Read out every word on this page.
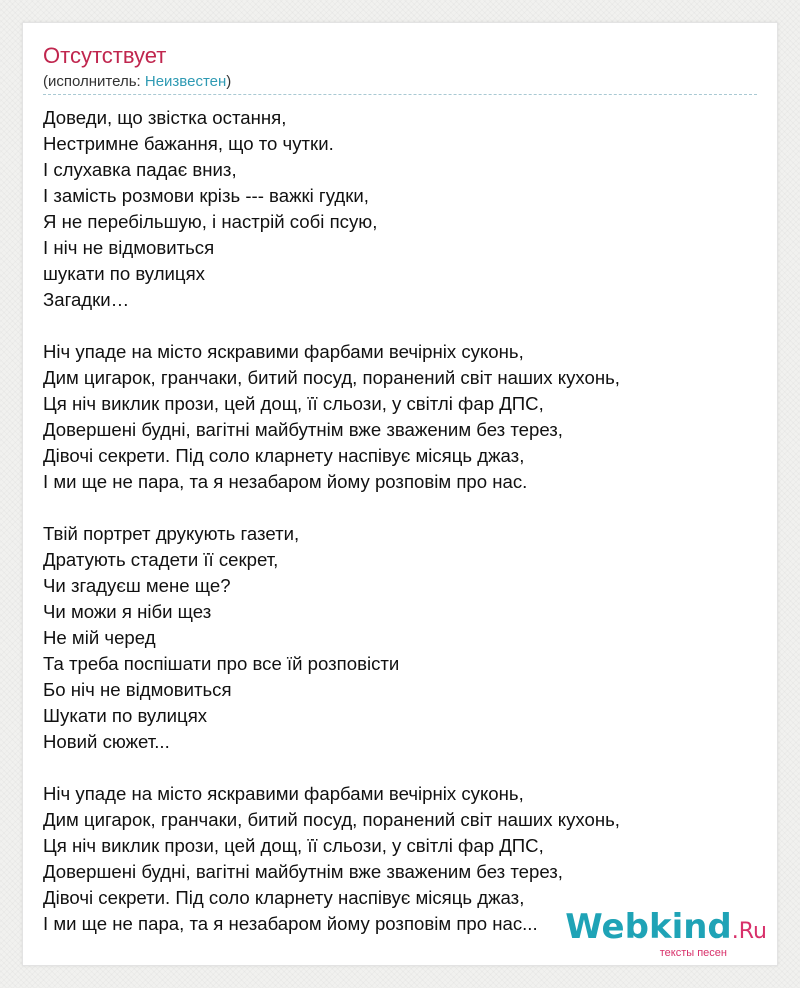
Отсутствует
(исполнитель: Неизвестен)
Доведи, що звістка остання,
Нестримне бажання, що то чутки.
І слухавка падає вниз,
І замість розмови крізь --- важкі гудки,
Я не перебільшую, і настрій собі псую,
І ніч не відмовиться
шукати по вулицях
Загадки…
Ніч упаде на місто яскравими фарбами вечірніх суконь,
Дим цигарок, гранчаки, битий посуд, поранений світ наших кухонь,
Ця ніч виклик прози, цей дощ, її сльози, у світлі фар ДПС,
Довершені будні, вагітні майбутнім вже зваженим без терез,
Дівочі секрети. Під соло кларнету наспівує місяць джаз,
І ми ще не пара, та я незабаром йому розповім про нас.
Твій портрет друкують газети,
Дратують стадети її секрет,
Чи згадуєш мене ще?
Чи можи я ніби щез
Не мій черед
Та треба поспішати про все їй розповісти
Бо ніч не відмовиться
Шукати по вулицях
Новий сюжет...
Ніч упаде на місто яскравими фарбами вечірніх суконь,
Дим цигарок, гранчаки, битий посуд, поранений світ наших кухонь,
Ця ніч виклик прози, цей дощ, її сльози, у світлі фар ДПС,
Довершені будні, вагітні майбутнім вже зваженим без терез,
Дівочі секрети. Під соло кларнету наспівує місяць джаз,
І ми ще не пара, та я незабаром йому розповім про нас... Webkind.Ru
тексты песен
